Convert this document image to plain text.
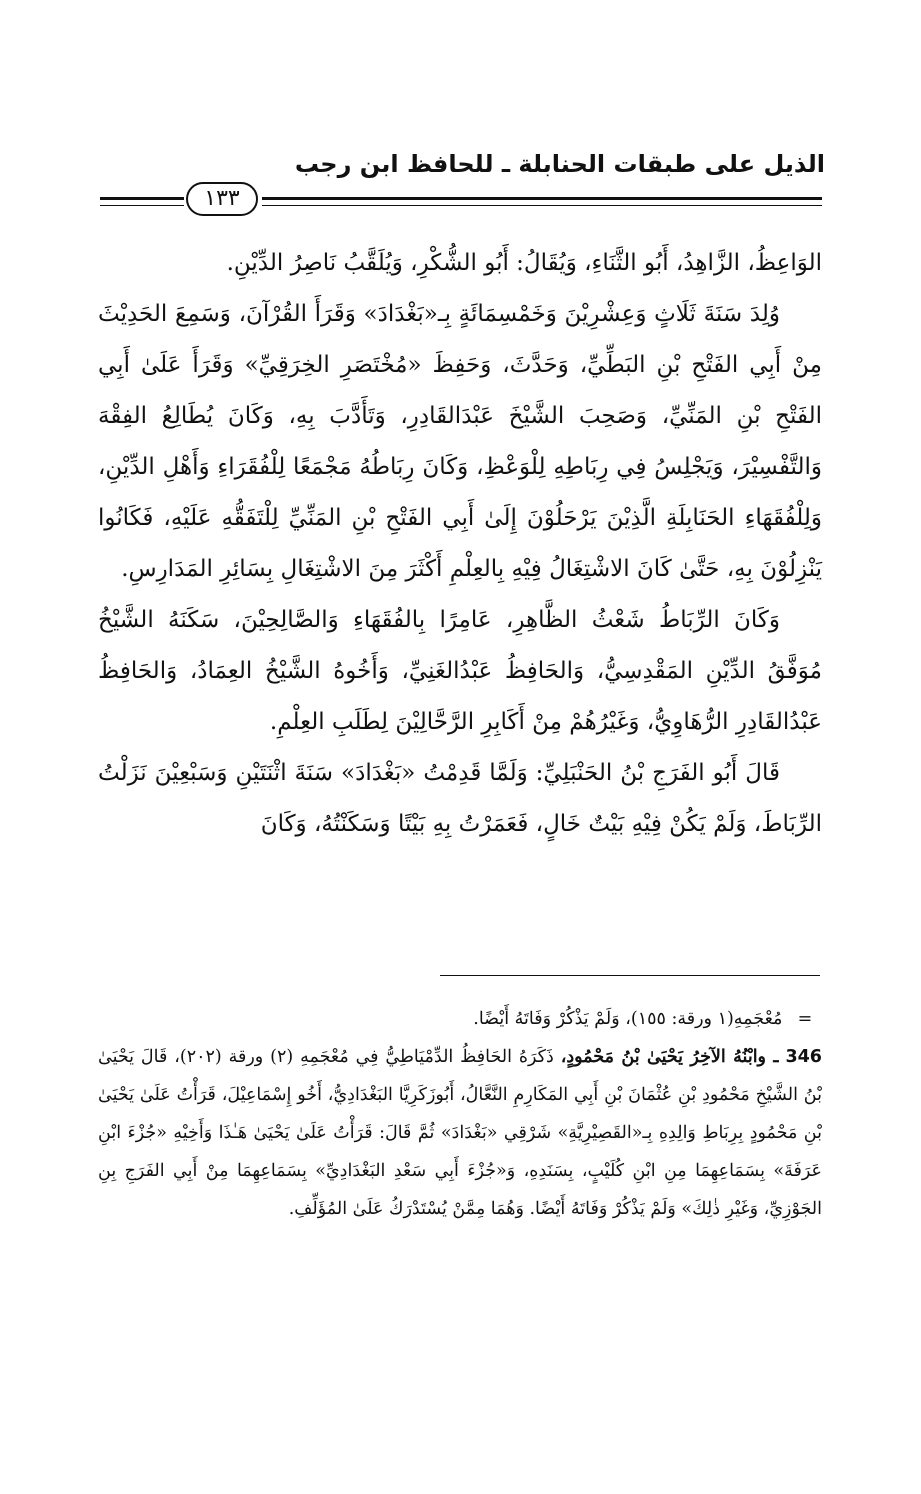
الذيل على طبقات الحنابلة ـ للحافظ ابن رجب
١٣٣

الوَاعِظُ، الزَّاهِدُ، أَبُو الثَّنَاءِ، وَيُقَالُ: أَبُو الشُّكْرِ، وَيُلَقَّبُ نَاصِرُ الدِّيْنِ.

وُلِدَ سَنَةَ ثَلَاثٍ وَعِشْرِيْنَ وَخَمْسِمَائَةٍ بِـ«بَغْدَادَ» وَقَرَأَ القُرْآنَ، وَسَمِعَ الحَدِيْثَ مِنْ أَبِي الفَتْحِ بْنِ البَطِّيِّ، وَحَدَّثَ، وَحَفِظَ «مُخْتَصَرِ الخِرَقِيِّ» وَقَرَأَ عَلَىٰ أَبِي الفَتْحِ بْنِ المَنِّيِّ، وَصَحِبَ الشَّيْخَ عَبْدَالقَادِرِ، وَتَأَدَّبَ بِهِ، وَكَانَ يُطَالِعُ الفِقْهَ وَالتَّفْسِيْرَ، وَيَجْلِسُ فِي رِبَاطِهِ لِلْوَعْظِ، وَكَانَ رِبَاطُهُ مَجْمَعًا لِلْفُقَرَاءِ وَأَهْلِ الدِّيْنِ، وَلِلْفُقَهَاءِ الحَنَابِلَةِ الَّذِيْنَ يَرْحَلُوْنَ إِلَىٰ أَبِي الفَتْحِ بْنِ المَنِّيِّ لِلْتَفَقُّهِ عَلَيْهِ، فَكَانُوا يَنْزِلُوْنَ بِهِ، حَتَّىٰ كَانَ الاشْتِغَالُ فِيْهِ بِالعِلْمِ أَكْثَرَ مِنَ الاشْتِغَالِ بِسَائِرِ المَدَارِسِ.

وَكَانَ الرِّبَاطُ شَعْثُ الظَّاهِرِ، عَامِرًا بِالفُقَهَاءِ وَالصَّالِحِيْنَ، سَكَنَهُ الشَّيْخُ مُوَفَّقُ الدِّيْنِ المَقْدِسِيُّ، وَالحَافِظُ عَبْدُالغَنِيِّ، وَأَخُوهُ الشَّيْخُ العِمَادُ، وَالحَافِظُ عَبْدُالقَادِرِ الرُّهَاوِيُّ، وَغَيْرُهُمْ مِنْ أَكَابِرِ الرَّحَّالِيْنَ لِطَلَبِ العِلْمِ.

قَالَ أَبُو الفَرَجِ بْنُ الحَنْبَلِيِّ: وَلَمَّا قَدِمْتُ «بَغْدَادَ» سَنَةَ اثْنَتَيْنِ وَسَبْعِيْنَ نَزَلْتُ الرِّبَاطَ، وَلَمْ يَكُنْ فِيْهِ بَيْتٌ خَالٍ، فَعَمَرْتُ بِهِ بَيْتًا وَسَكَنْتُهُ، وَكَانَ

= مُعْجَمِهِ(١ ورقة: ١٥٥)، وَلَمْ يَذْكُرْ وَفَاتَهُ أَيْضًا.

346 ـ وابْنُهُ الآخِرُ يَحْيَىٰ بْنُ مَحْمُودٍ، ذَكَرَهُ الحَافِظُ الدِّمْيَاطِيُّ فِي مُعْجَمِهِ (٢) ورقة (٢٠٢)، قَالَ يَحْيَىٰ بْنُ الشَّيْخِ مَحْمُودِ بْنِ عُثْمَانَ بْنِ أَبِي المَكَارِمِ النَّعَّالُ، أَبُوزَكَرِيَّا البَغْدَادِيُّ، أَخُو إِسْمَاعِيْلَ، قَرَأْتُ عَلَىٰ يَحْيَىٰ بْنِ مَحْمُودٍ بِرِبَاطِ وَالِدِهِ بِـ«القَصِيْرِيَّةِ» شَرْقِي «بَغْدَادَ» ثُمَّ قَالَ: قَرَأْتُ عَلَىٰ يَحْيَىٰ هَـٰذَا وَأَخِيْهِ «جُزْءَ ابْنِ عَرَفَةَ» بِسَمَاعِهِمَا مِنِ ابْنِ كُلَيْبٍ، بِسَنَدِهِ، وَ«جُزْءَ أَبِي سَعْدِ البَغْدَادِيِّ» بِسَمَاعِهِمَا مِنْ أَبِي الفَرَجِ بِنِ الجَوْزِيِّ، وَغَيْرِ ذٰلِكَ» وَلَمْ يَذْكُرْ وَفَاتَهُ أَيْضًا. وَهُمَا مِمَّنْ يُسْتَدْرَكُ عَلَىٰ المُؤَلِّفِ.
